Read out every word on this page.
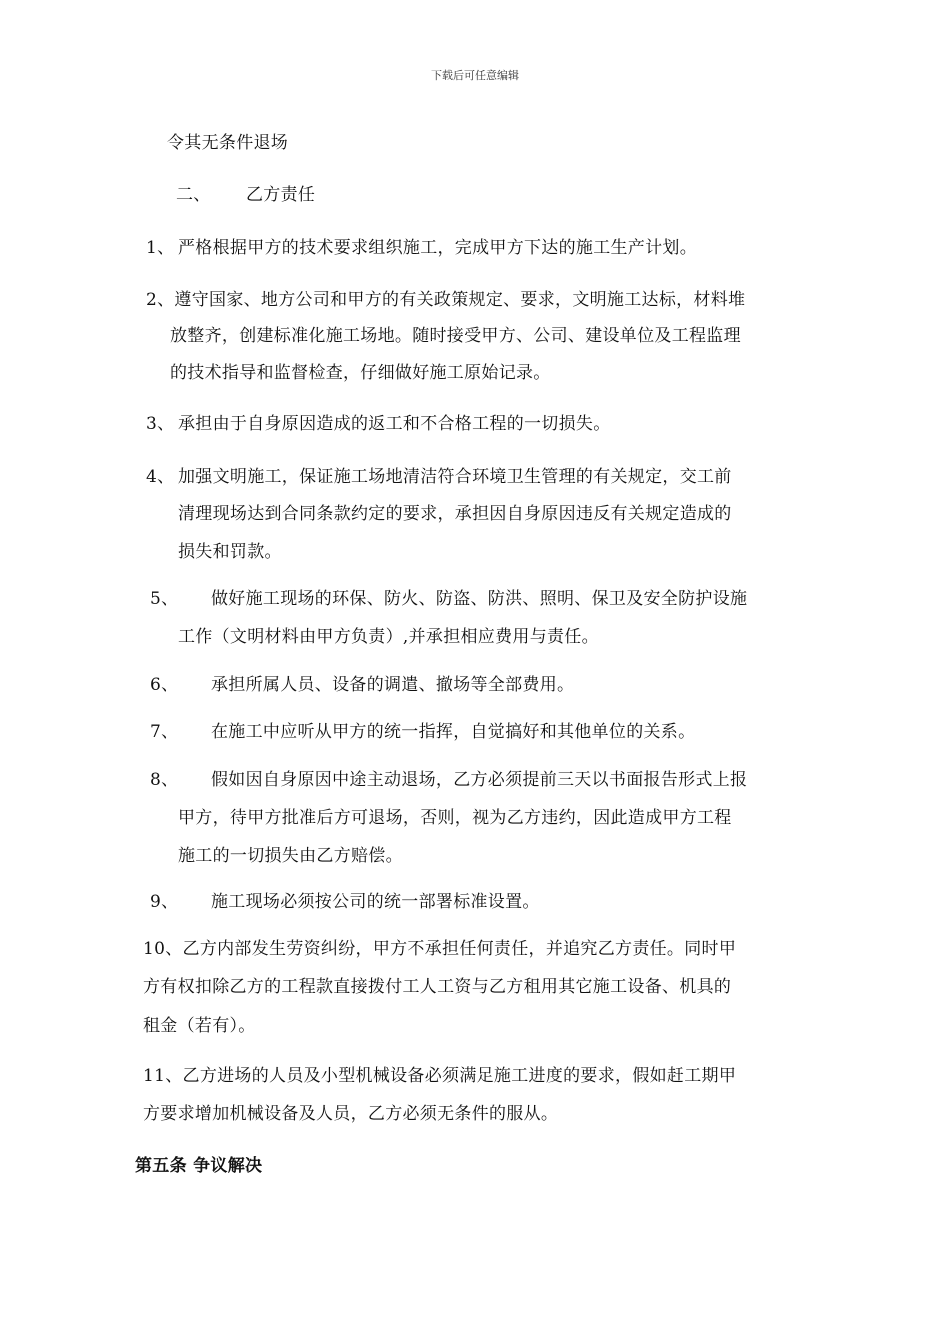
下载后可任意编辑
令其无条件退场
二、 乙方责任
1、 严格根据甲方的技术要求组织施工，完成甲方下达的施工生产计划。
2、遵守国家、地方公司和甲方的有关政策规定、要求，文明施工达标，材料堆
放整齐，创建标准化施工场地。随时接受甲方、公司、建设单位及工程监理
的技术指导和监督检查，仔细做好施工原始记录。
3、 承担由于自身原因造成的返工和不合格工程的一切损失。
4、 加强文明施工，保证施工场地清洁符合环境卫生管理的有关规定，交工前
清理现场达到合同条款约定的要求，承担因自身原因违反有关规定造成的
损失和罚款。
5、 做好施工现场的环保、防火、防盗、防洪、照明、保卫及安全防护设施
工作（文明材料由甲方负责）,并承担相应费用与责任。
6、 承担所属人员、设备的调遣、撤场等全部费用。
7、 在施工中应听从甲方的统一指挥，自觉搞好和其他单位的关系。
8、 假如因自身原因中途主动退场，乙方必须提前三天以书面报告形式上报
甲方，待甲方批准后方可退场，否则，视为乙方违约，因此造成甲方工程
施工的一切损失由乙方赔偿。
9、 施工现场必须按公司的统一部署标准设置。
10、乙方内部发生劳资纠纷，甲方不承担任何责任，并追究乙方责任。同时甲
方有权扣除乙方的工程款直接拨付工人工资与乙方租用其它施工设备、机具的
租金（若有）。
11、乙方进场的人员及小型机械设备必须满足施工进度的要求，假如赶工期甲
方要求增加机械设备及人员，乙方必须无条件的服从。
第五条 争议解决
